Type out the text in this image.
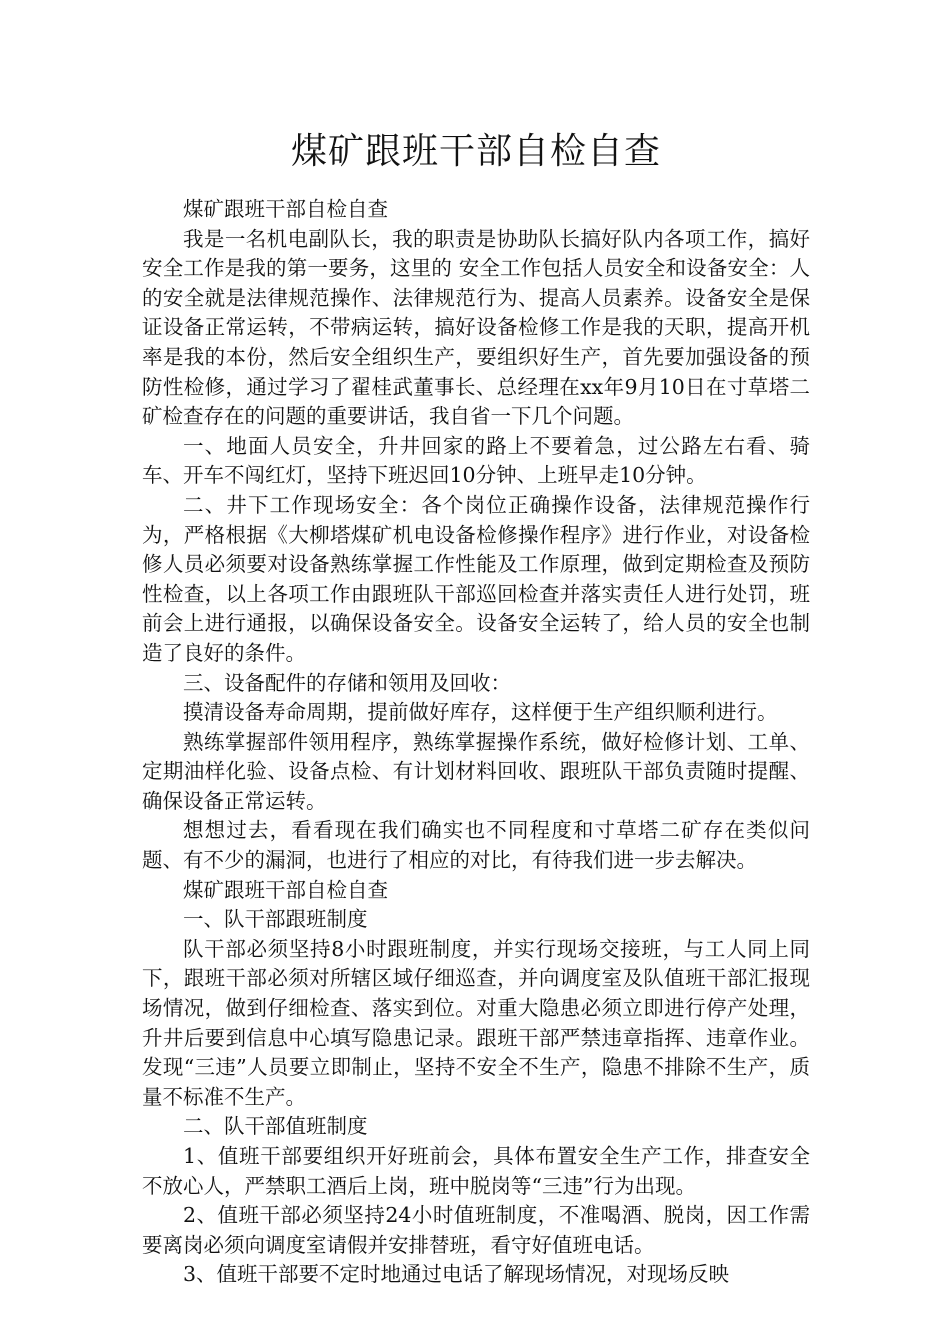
煤矿跟班干部自检自查

煤矿跟班干部自检自查

我是一名机电副队长，我的职责是协助队长搞好队内各项工作，搞好安全工作是我的第一要务，这里的 安全工作包括人员安全和设备安全：人的安全就是法律规范操作、法律规范行为、提高人员素养。设备安全是保证设备正常运转，不带病运转，搞好设备检修工作是我的天职，提高开机率是我的本份，然后安全组织生产，要组织好生产，首先要加强设备的预防性检修，通过学习了翟桂武董事长、总经理在xx年9月10日在寸草塔二矿检查存在的问题的重要讲话，我自省一下几个问题。

一、地面人员安全，升井回家的路上不要着急，过公路左右看、骑车、开车不闯红灯，坚持下班迟回10分钟、上班早走10分钟。

二、井下工作现场安全：各个岗位正确操作设备，法律规范操作行为，严格根据《大柳塔煤矿机电设备检修操作程序》进行作业，对设备检修人员必须要对设备熟练掌握工作性能及工作原理，做到定期检查及预防性检查，以上各项工作由跟班队干部巡回检查并落实责任人进行处罚，班前会上进行通报，以确保设备安全。设备安全运转了，给人员的安全也制造了良好的条件。

三、设备配件的存储和领用及回收：

摸清设备寿命周期，提前做好库存，这样便于生产组织顺利进行。

熟练掌握部件领用程序，熟练掌握操作系统，做好检修计划、工单、定期油样化验、设备点检、有计划材料回收、跟班队干部负责随时提醒、确保设备正常运转。

想想过去，看看现在我们确实也不同程度和寸草塔二矿存在类似问题、有不少的漏洞，也进行了相应的对比，有待我们进一步去解决。

煤矿跟班干部自检自查

一、队干部跟班制度

队干部必须坚持8小时跟班制度，并实行现场交接班，与工人同上同下，跟班干部必须对所辖区域仔细巡查，并向调度室及队值班干部汇报现场情况，做到仔细检查、落实到位。对重大隐患必须立即进行停产处理，升井后要到信息中心填写隐患记录。跟班干部严禁违章指挥、违章作业。发现“三违”人员要立即制止，坚持不安全不生产，隐患不排除不生产，质量不标准不生产。

二、队干部值班制度

1、值班干部要组织开好班前会，具体布置安全生产工作，排查安全不放心人，严禁职工酒后上岗，班中脱岗等“三违”行为出现。

2、值班干部必须坚持24小时值班制度，不准喝酒、脱岗，因工作需要离岗必须向调度室请假并安排替班，看守好值班电话。

3、值班干部要不定时地通过电话了解现场情况，对现场反映
